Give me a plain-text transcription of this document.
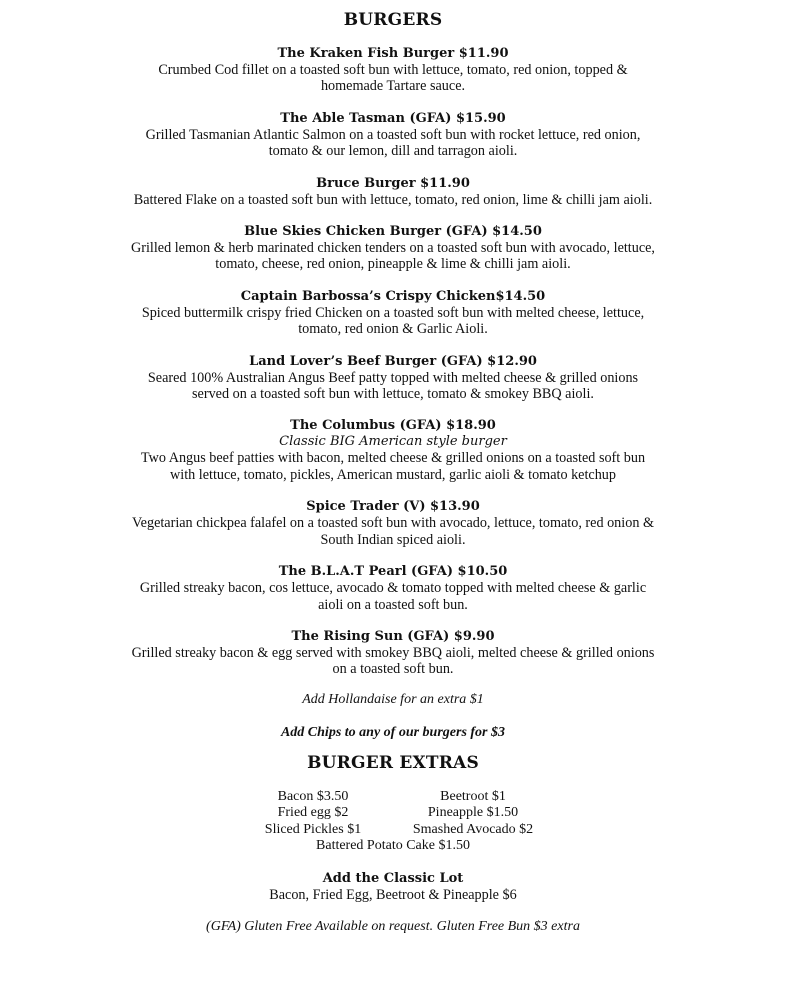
BURGERS
The Kraken Fish Burger $11.90
Crumbed Cod fillet on a toasted soft bun with lettuce, tomato, red onion, topped &
homemade Tartare sauce.
The Able Tasman (GFA) $15.90
Grilled Tasmanian Atlantic Salmon on a toasted soft bun with rocket lettuce, red onion,
tomato & our lemon, dill and tarragon aioli.
Bruce Burger $11.90
Battered Flake on a toasted soft bun with lettuce, tomato, red onion, lime & chilli jam aioli.
Blue Skies Chicken Burger (GFA) $14.50
Grilled lemon & herb marinated chicken tenders on a toasted soft bun with avocado, lettuce,
tomato, cheese, red onion, pineapple & lime & chilli jam aioli.
Captain Barbossa’s Crispy Chicken$14.50
Spiced buttermilk crispy fried Chicken on a toasted soft bun with melted cheese, lettuce,
tomato, red onion & Garlic Aioli.
Land Lover’s Beef Burger (GFA) $12.90
Seared 100% Australian Angus Beef patty topped with melted cheese & grilled onions
served on a toasted soft bun with lettuce, tomato & smokey BBQ aioli.
The Columbus (GFA) $18.90
Classic BIG American style burger
Two Angus beef patties with bacon, melted cheese & grilled onions on a toasted soft bun
with lettuce, tomato, pickles, American mustard, garlic aioli & tomato ketchup
Spice Trader (V) $13.90
Vegetarian chickpea falafel on a toasted soft bun with avocado, lettuce, tomato, red onion &
South Indian spiced aioli.
The B.L.A.T Pearl (GFA) $10.50
Grilled streaky bacon, cos lettuce, avocado & tomato topped with melted cheese & garlic
aioli on a toasted soft bun.
The Rising Sun (GFA) $9.90
Grilled streaky bacon & egg served with smokey BBQ aioli, melted cheese & grilled onions
on a toasted soft bun.
Add Hollandaise for an extra $1
Add Chips to any of our burgers for $3
BURGER EXTRAS
Bacon $3.50	Beetroot $1
Fried egg $2	Pineapple $1.50
Sliced Pickles $1	Smashed Avocado $2
Battered Potato Cake $1.50
Add the Classic Lot
Bacon, Fried Egg, Beetroot & Pineapple $6
(GFA) Gluten Free Available on request. Gluten Free Bun $3 extra
